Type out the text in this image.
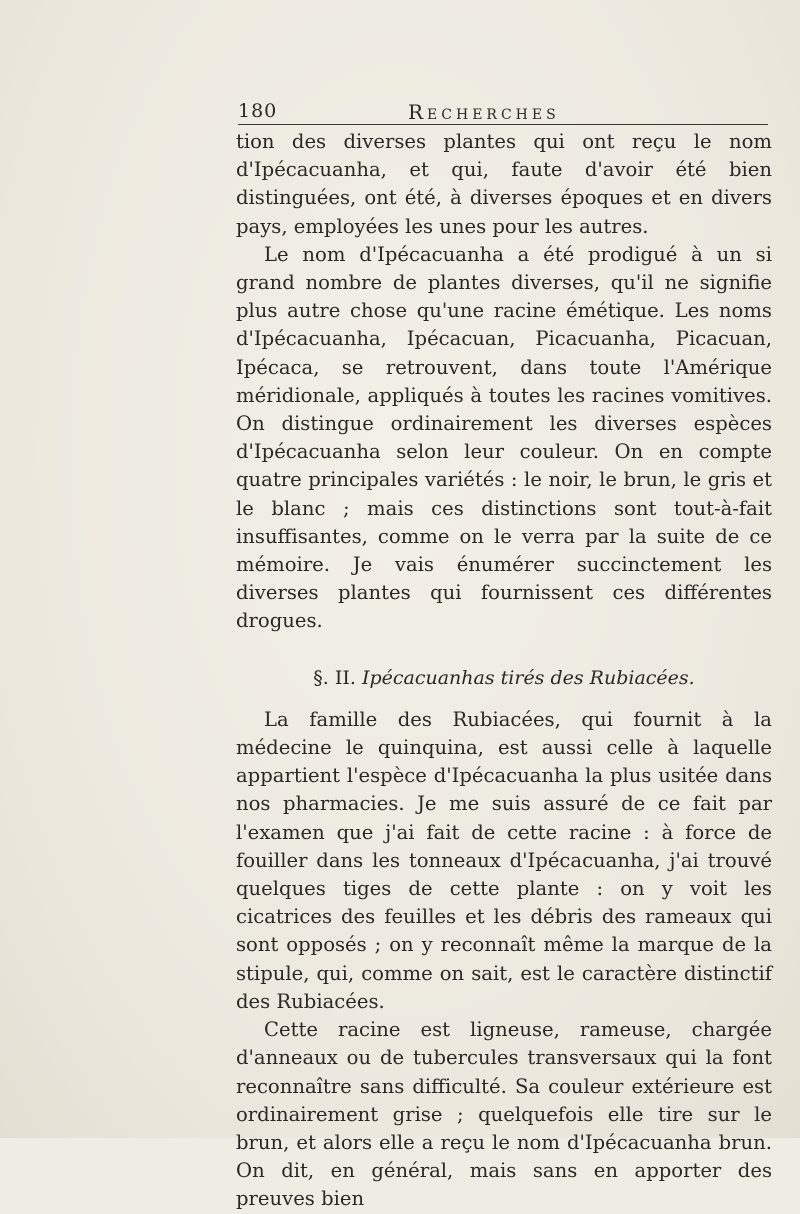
180	Recherches

tion des diverses plantes qui ont reçu le nom d'Ipécacuanha, et qui, faute d'avoir été bien distinguées, ont été, à diverses époques et en divers pays, employées les unes pour les autres.

Le nom d'Ipécacuanha a été prodigué à un si grand nombre de plantes diverses, qu'il ne signifie plus autre chose qu'une racine émétique. Les noms d'Ipécacuanha, Ipécacuan, Picacuanha, Picacuan, Ipécaca, se retrouvent, dans toute l'Amérique méridionale, appliqués à toutes les racines vomitives. On distingue ordinairement les diverses espèces d'Ipécacuanha selon leur couleur. On en compte quatre principales variétés : le noir, le brun, le gris et le blanc ; mais ces distinctions sont tout-à-fait insuffisantes, comme on le verra par la suite de ce mémoire. Je vais énumérer succinctement les diverses plantes qui fournissent ces différentes drogues.

§. II. Ipécacuanhas tirés des Rubiacées.

La famille des Rubiacées, qui fournit à la médecine le quinquina, est aussi celle à laquelle appartient l'espèce d'Ipécacuanha la plus usitée dans nos pharmacies. Je me suis assuré de ce fait par l'examen que j'ai fait de cette racine : à force de fouiller dans les tonneaux d'Ipécacuanha, j'ai trouvé quelques tiges de cette plante : on y voit les cicatrices des feuilles et les débris des rameaux qui sont opposés ; on y reconnaît même la marque de la stipule, qui, comme on sait, est le caractère distinctif des Rubiacées.

Cette racine est ligneuse, rameuse, chargée d'anneaux ou de tubercules transversaux qui la font reconnaître sans difficulté. Sa couleur extérieure est ordinairement grise ; quelquefois elle tire sur le brun, et alors elle a reçu le nom d'Ipécacuanha brun. On dit, en général, mais sans en apporter des preuves bien
